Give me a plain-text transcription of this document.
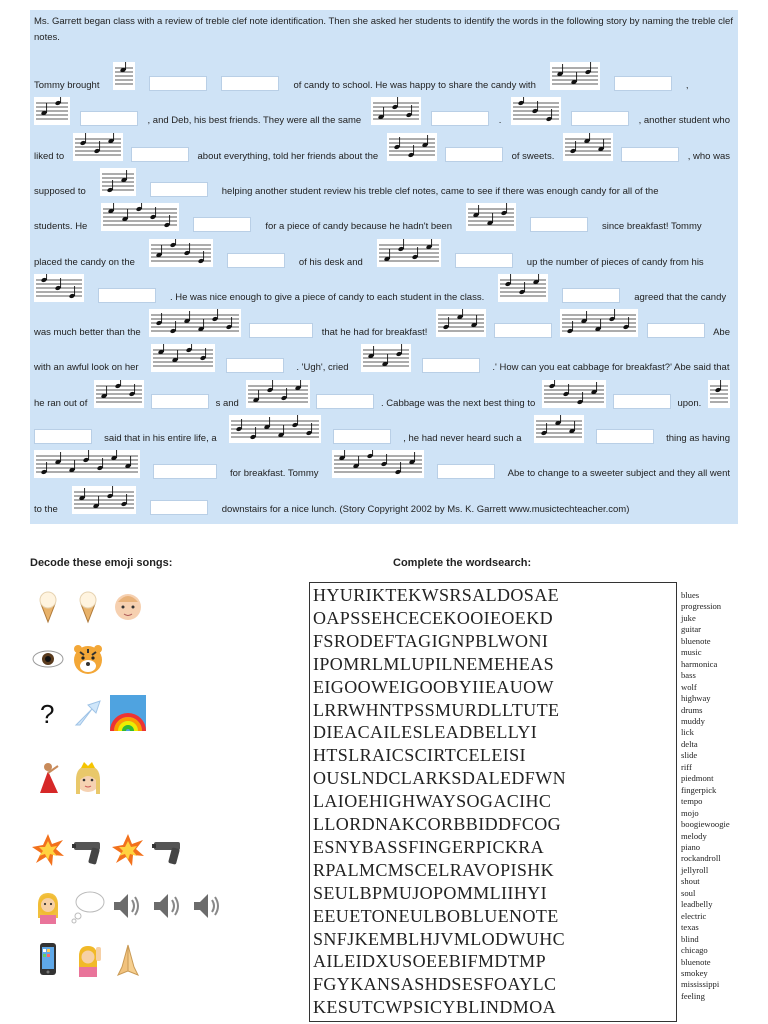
Ms. Garrett began class with a review of treble clef note identification. Then she asked her students to identify the words in the following story by naming the treble clef notes.
Tommy brought	of candy to school. He was happy to share the candy with	,
, and Deb, his best friends. They were all the same	.	, another student who
liked to	about everything, told her friends about the	of sweets.	, who was
supposed to	helping another student review his treble clef notes, came to see if there was enough candy for all of the
students. He	for a piece of candy because he hadn't been	since breakfast! Tommy
placed the candy on the	of his desk and	up the number of pieces of candy from his
. He was nice enough to give a piece of candy to each student in the class.	agreed that the candy
was much better than the	that he had for breakfast!	Abe
with an awful look on her	. 'Ugh', cried	.' How can you eat cabbage for breakfast?' Abe said that
he ran out of	s and	. Cabbage was the next best thing to	upon.
said that in his entire life, a	, he had never heard such a	thing as having
for breakfast. Tommy	Abe to change to a sweeter subject and they all went
to the	downstairs for a nice lunch. (Story Copyright 2002 by Ms. K. Garrett www.musictechteacher.com)
Decode these emoji songs:	Complete the wordsearch:
?
HYURIKTEKWSRSALDOSAE
OAPSSEHCECEKOOIEOEKD
FSRODEFTAGIGNPBLWONI
IPOMRLMLUPILNEMEHEAS
EIGOOWEIGOOBYIIEAUOW
LRRWHNTPSSMURDLLTUTE
DIEACAILESLEADBELLYI
HTSLRAICSCIRTCELEISI
OUSLNDCLARKSDALEDFWN
LAIOEHIGHWAYSOGACIHC
LLORDNAKCORBBIDDFCOG
ESNYBASSFINGERPICKRA
RPALMCMSCELRAVOPISHK
SEULBPMUJOPOMMLIIHYI
EEUETONEULBOBLUENOTE
SNFJKEMBLHJVMLODWUHC
AILEIDXUSOEEBIFMDTMP
FGYKANSASHDSESFOAYLC
KESUTCWPSICYBLINDMOA
blues
progression
juke
guitar
bluenote
music
harmonica
bass
wolf
highway
drums
muddy
lick
delta
slide
riff
piedmont
fingerpick
tempo
mojo
boogiewoogie
melody
piano
rockandroll
jellyroll
shout
soul
leadbelly
electric
texas
blind
chicago
bluenote
smokey
mississippi
feeling
